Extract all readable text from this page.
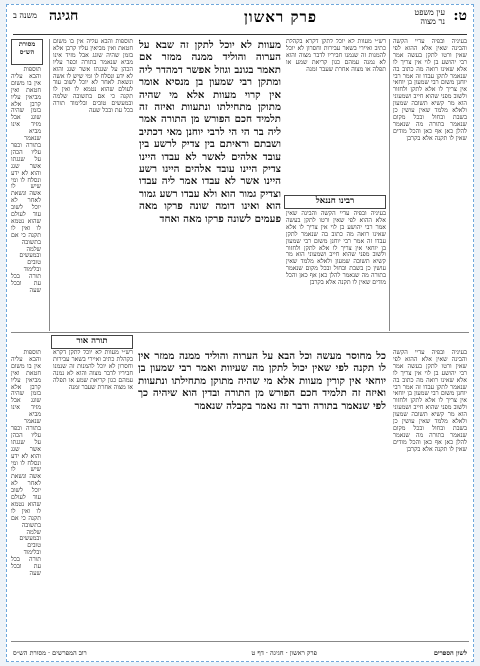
ט:
עין משפט
נר מצוה
פרק ראשון
חגיגה
משנה ב
בעיניה ובפיה עדיי הקשה והבינה שאין אלא ההוא לפי שאין ורטו לתקן בעשה אמר רבי יהושע בן לוי אין צריך לו אלא שאינו רואה מה כתוב בה שנאמר לתקן עבדו זה אמר רבי יוחנן משום רבי שמעון בן יוחאי אין צריך לו אלא לתקן ולחזור ולשוב מפני שהוא חייב ושמעוני הוא מר קשיא תשובה שמעון ולאלא מלמד שאין עושין כן בשבת ובחול ובכל מקום שנאמר בתורה מה שנאמר להלן כאן אף כאן והכל מודים שאין לו תקנה אלא בקרבן
רש״י מעוות לא יוכל לתקן דקרא בקהלת כתיב ואיירי בשאר עבירות וחסרון לא יוכל להמנות זה שנמנו חביריו לדבר מצוה והוא לא נמנה עמהם כגון קריאת שמע או תפלה או מצוה אחרת שעבר זמנה
רבינו חננאל
בעיניה ובפיה עדיי הקשה והבינה שאין אלא ההוא לפי שאין ורטו לתקן בעשה אמר רבי יהושע בן לוי אין צריך לו אלא שאינו רואה מה כתוב בה שנאמר לתקן עבדו זה אמר רבי יוחנן משום רבי שמעון בן יוחאי אין צריך לו אלא לתקן ולחזור ולשוב מפני שהוא חייב ושמעוני הוא מר קשיא תשובה שמעון ולאלא מלמד שאין עושין כן בשבת ובחול ובכל מקום שנאמר בתורה מה שנאמר להלן כאן אף כאן והכל מודים שאין לו תקנה אלא בקרבן
מעוות לא יוכל לתקן זה שבא על הערוה והוליד ממנה ממזר אם תאמר בגונב וגוזל אפשר דמהדר ליה ומתקן רבי שמעון בן מנסיא אומר אין קרוי מעוות אלא מי שהיה מתוקן מתחילתו ונתעוות ואיזה זה תלמיד חכם הפורש מן התורה אמר ליה בר הי הי לרבי יוחנן מאי דכתיב ושבתם וראיתם בין צדיק לרשע בין עובד אלהים לאשר לא עבדו היינו צדיק היינו עובד אלהים היינו רשע היינו אשר לא עבדו אמר ליה עבדו וצדיק גמור הוא ולא עבדו רשע גמור הוא ואינו דומה שונה פרקו מאה פעמים לשונה פרקו מאה ואחד
תוספות והבא עליה אין בו משום חטאת ואין מביאין עליו קרבן אלא בזמן שהיה שוגג אבל מזיד אינו מביא שנאמר בתורה וכפר עליו הכהן על שגגתו אשר שגג והוא לא ידע ונסלח לו ומי שיש לו אשה ונשאת לאחר לא יוכל לשוב עוד לעולם שהוא נטמא לו ואין לו תקנה כי אם בתשובה שלמה ובמעשים טובים ובלימוד תורה בכל עת ובכל שעה
מסורת
הש״ס
תוספות והבא עליה אין בו משום חטאת ואין מביאין עליו קרבן אלא בזמן שהיה שוגג אבל מזיד אינו מביא שנאמר בתורה וכפר עליו הכהן על שגגתו אשר שגג והוא לא ידע ונסלח לו ומי שיש לו אשה ונשאת לאחר לא יוכל לשוב עוד לעולם שהוא נטמא לו ואין לו תקנה כי אם בתשובה שלמה ובמעשים טובים ובלימוד תורה בכל עת ובכל שעה
תורה אור
בעיניה ובפיה עדיי הקשה והבינה שאין אלא ההוא לפי שאין ורטו לתקן בעשה אמר רבי יהושע בן לוי אין צריך לו אלא שאינו רואה מה כתוב בה שנאמר לתקן עבדו זה אמר רבי יוחנן משום רבי שמעון בן יוחאי אין צריך לו אלא לתקן ולחזור ולשוב מפני שהוא חייב ושמעוני הוא מר קשיא תשובה שמעון ולאלא מלמד שאין עושין כן בשבת ובחול ובכל מקום שנאמר בתורה מה שנאמר להלן כאן אף כאן והכל מודים שאין לו תקנה אלא בקרבן
כל מחוסר מעשה וכל הבא על הערוה והוליד ממנה ממזר אין לו תקנה לפי שאין יכול לתקן מה שעיוות ואמר רבי שמעון בן יוחאי אין קורין מעוות אלא מי שהיה מתוקן מתחילתו ונתעוות ואיזה זה תלמיד חכם הפורש מן התורה ובדין הוא שיהיה כך לפי שנאמר בתורה ודבר זה נאמר בקבלה שנאמר
רש״י מעוות לא יוכל לתקן דקרא בקהלת כתיב ואיירי בשאר עבירות וחסרון לא יוכל להמנות זה שנמנו חביריו לדבר מצוה והוא לא נמנה עמהם כגון קריאת שמע או תפלה או מצוה אחרת שעבר זמנה
תוספות והבא עליה אין בו משום חטאת ואין מביאין עליו קרבן אלא בזמן שהיה שוגג אבל מזיד אינו מביא שנאמר בתורה וכפר עליו הכהן על שגגתו אשר שגג והוא לא ידע ונסלח לו ומי שיש לו אשה ונשאת לאחר לא יוכל לשוב עוד לעולם שהוא נטמא לו ואין לו תקנה כי אם בתשובה שלמה ובמעשים טובים ובלימוד תורה בכל עת ובכל שעה
לשון הספרים
פרק ראשון · חגיגה · דף ט
רוב המפרשים · מסורת הש״ס
